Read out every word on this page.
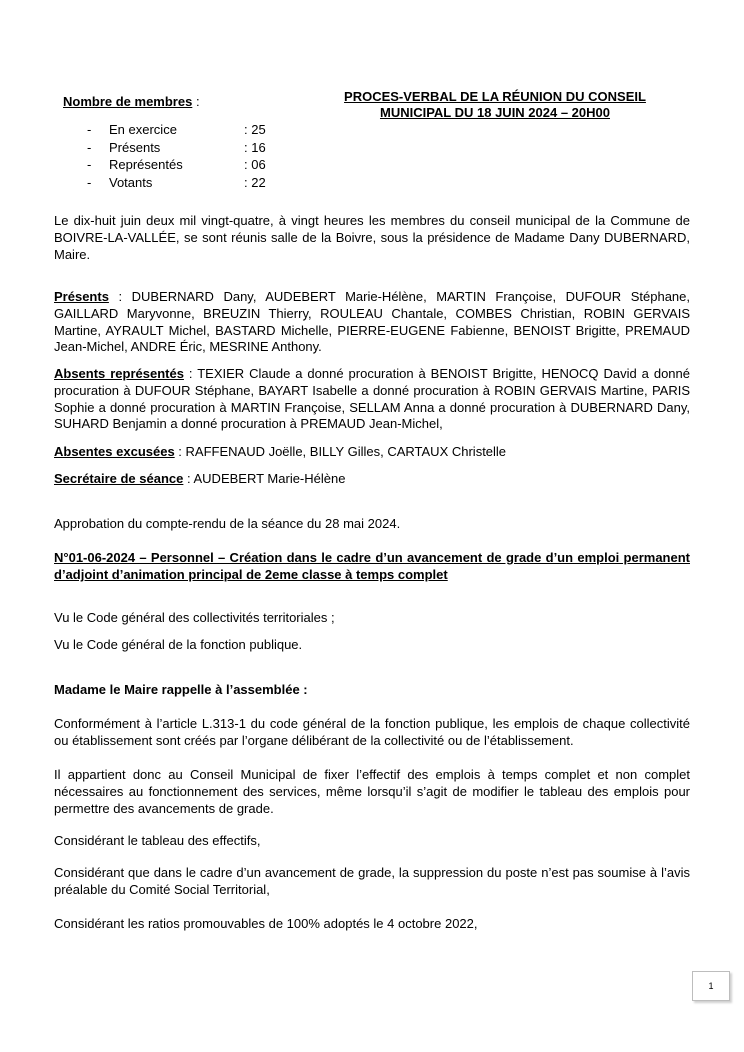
Nombre de membres :
- En exercice	: 25
- Présents	: 16
- Représentés	: 06
- Votants	: 22
PROCES-VERBAL DE LA RÉUNION DU CONSEIL
MUNICIPAL DU 18 JUIN 2024 – 20H00
Le dix-huit juin deux mil vingt-quatre, à vingt heures les membres du conseil municipal de la Commune de BOIVRE-LA-VALLÉE, se sont réunis salle de la Boivre, sous la présidence de Madame Dany DUBERNARD, Maire.
Présents : DUBERNARD Dany, AUDEBERT Marie-Hélène, MARTIN Françoise, DUFOUR Stéphane, GAILLARD Maryvonne, BREUZIN Thierry, ROULEAU Chantale, COMBES Christian, ROBIN GERVAIS Martine, AYRAULT Michel, BASTARD Michelle, PIERRE-EUGENE Fabienne, BENOIST Brigitte, PREMAUD Jean-Michel, ANDRE Éric, MESRINE Anthony.
Absents représentés : TEXIER Claude a donné procuration à BENOIST Brigitte, HENOCQ David a donné procuration à DUFOUR Stéphane, BAYART Isabelle a donné procuration à ROBIN GERVAIS Martine, PARIS Sophie a donné procuration à MARTIN Françoise, SELLAM Anna a donné procuration à DUBERNARD Dany, SUHARD Benjamin a donné procuration à PREMAUD Jean-Michel,
Absentes excusées : RAFFENAUD Joëlle, BILLY Gilles, CARTAUX Christelle
Secrétaire de séance : AUDEBERT Marie-Hélène
Approbation du compte-rendu de la séance du 28 mai 2024.
N°01-06-2024 – Personnel – Création dans le cadre d’un avancement de grade d’un emploi permanent d’adjoint d’animation principal de 2eme classe à temps complet
Vu le Code général des collectivités territoriales ;
Vu le Code général de la fonction publique.
Madame le Maire rappelle à l’assemblée :
Conformément à l’article L.313-1 du code général de la fonction publique, les emplois de chaque collectivité ou établissement sont créés par l’organe délibérant de la collectivité ou de l’établissement.
Il appartient donc au Conseil Municipal de fixer l’effectif des emplois à temps complet et non complet nécessaires au fonctionnement des services, même lorsqu’il s’agit de modifier le tableau des emplois pour permettre des avancements de grade.
Considérant le tableau des effectifs,
Considérant que dans le cadre d’un avancement de grade, la suppression du poste n’est pas soumise à l’avis préalable du Comité Social Territorial,
Considérant les ratios promouvables de 100% adoptés le 4 octobre 2022,
1
